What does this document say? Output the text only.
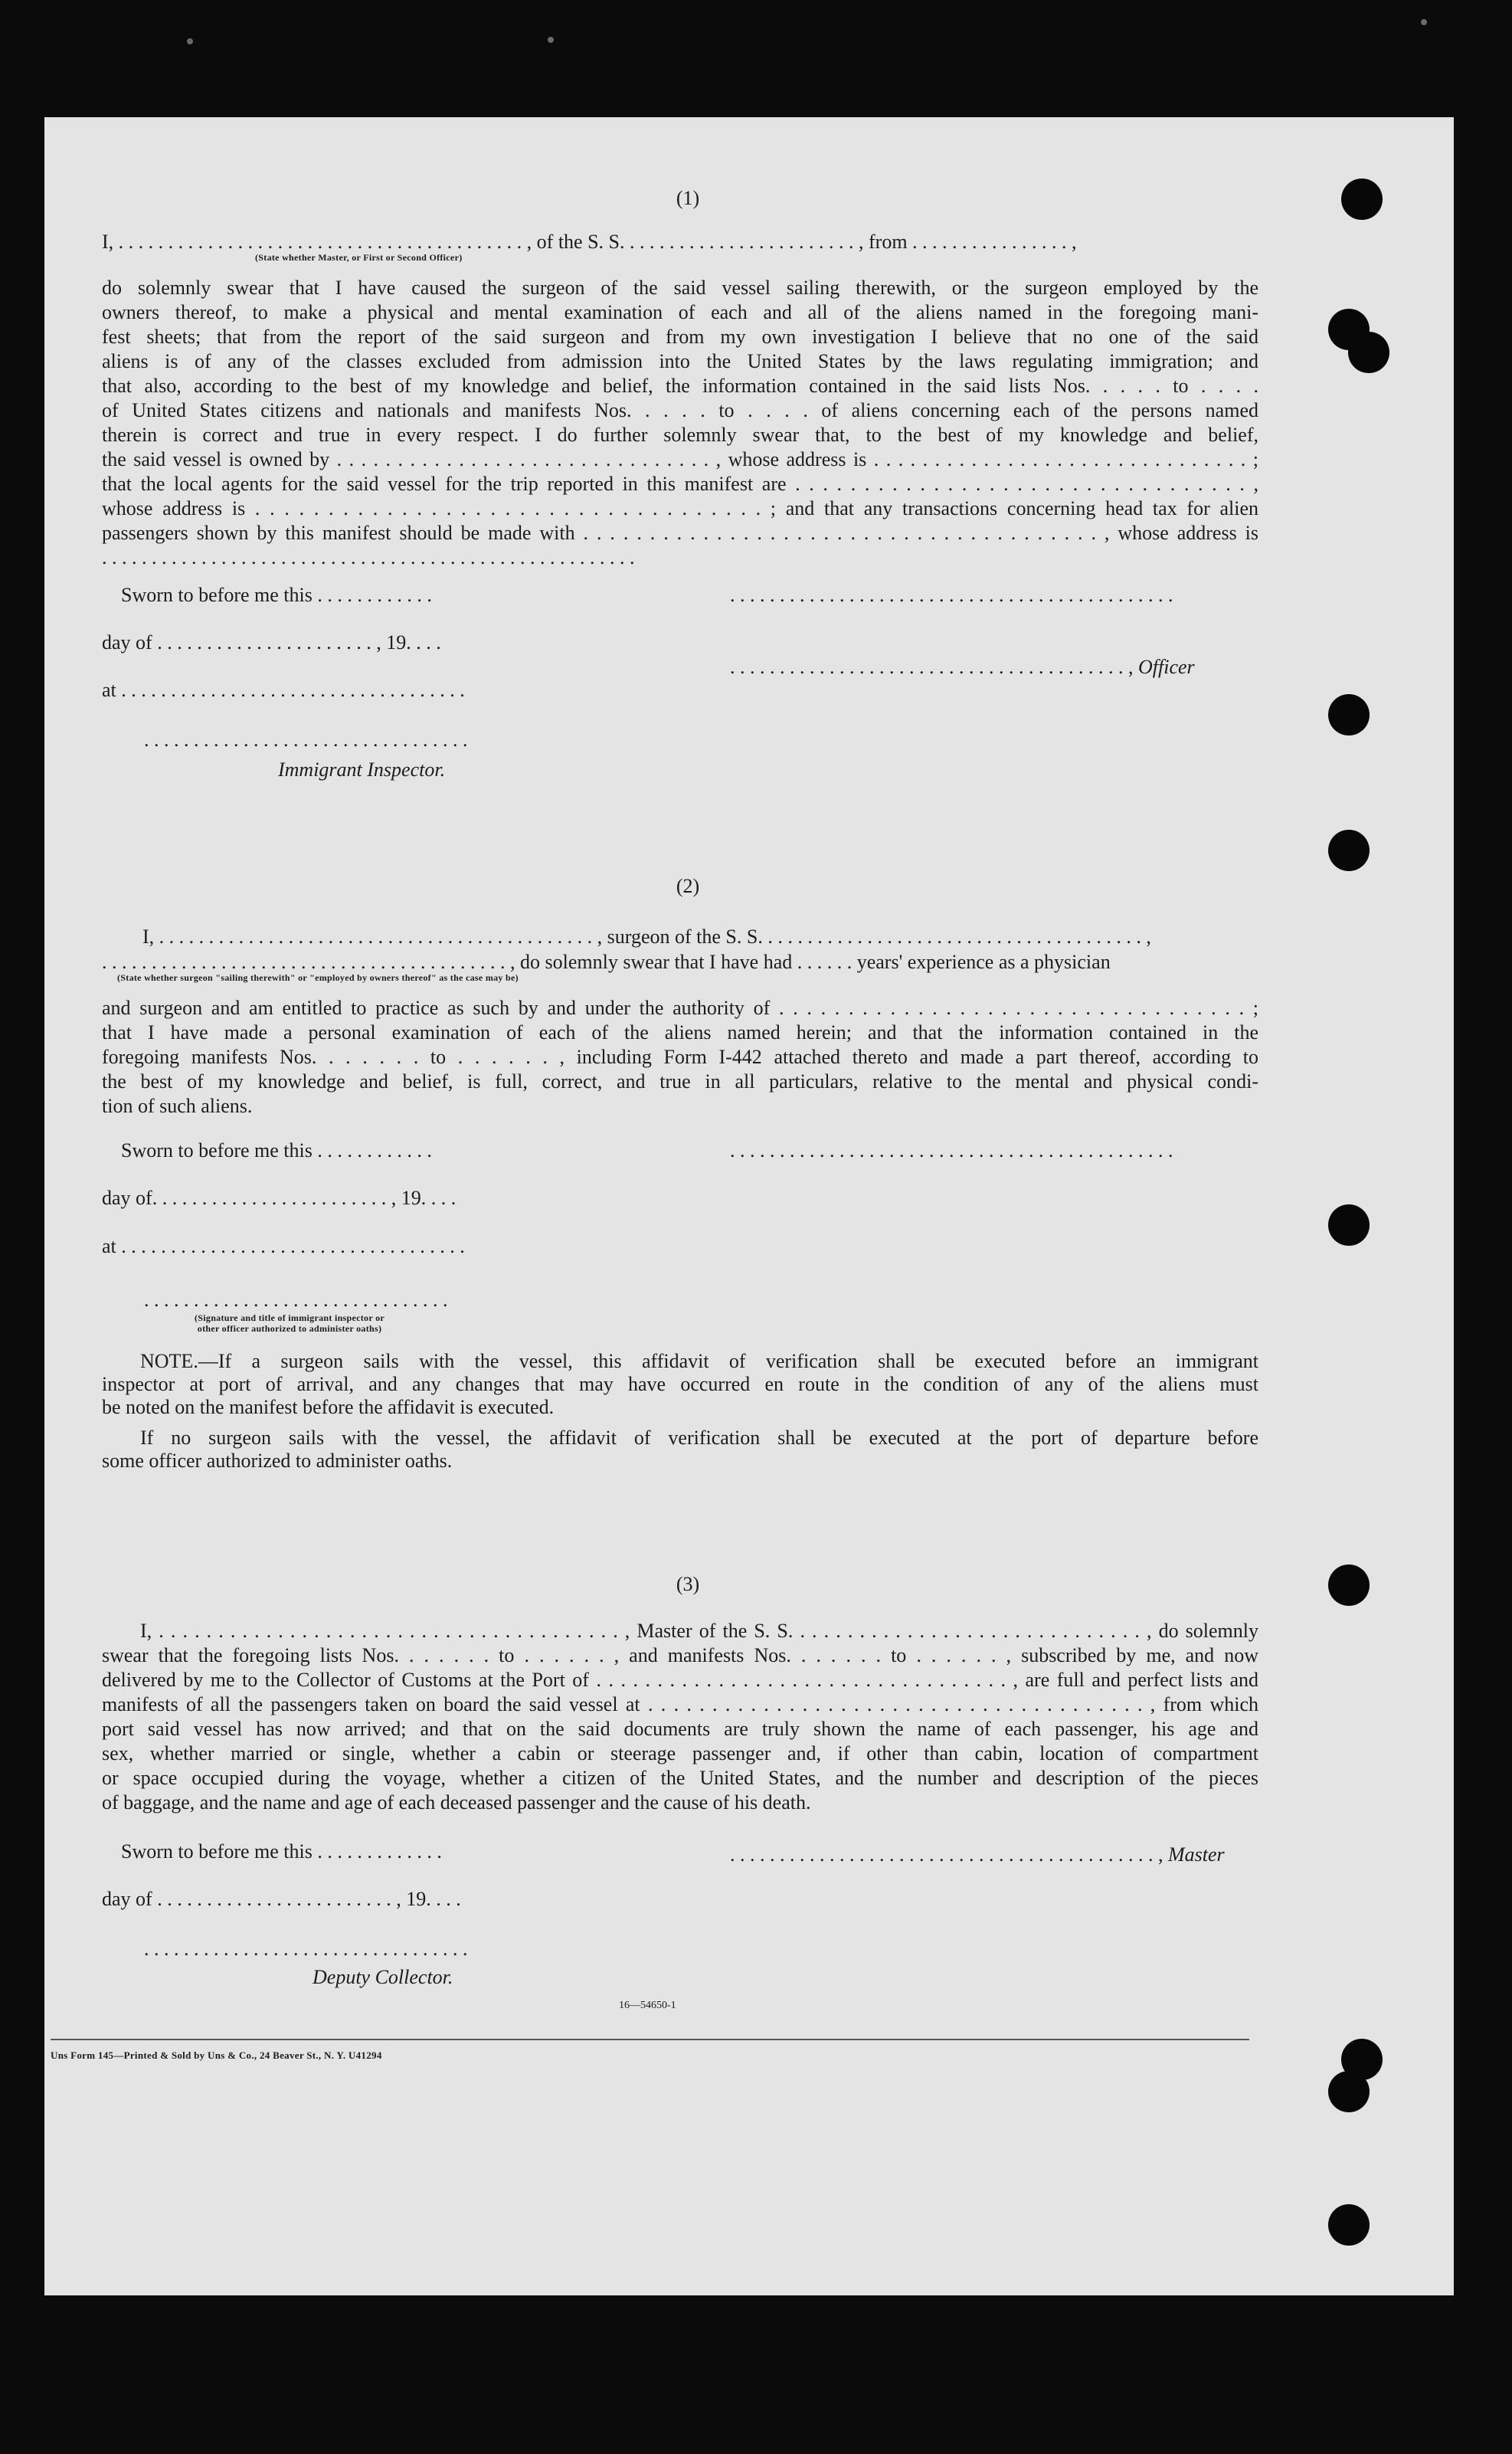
(1)
I, . . . . . . . . . . . . . . . . . . . . . . . . . . . . . . . . . . . . . . . . . , of the S. S. . . . . . . . . . . . . . . . . . . . . . . . , from . . . . . . . . . . . . . . . . ,
(State whether Master, or First or Second Officer)
do solemnly swear that I have caused the surgeon of the said vessel sailing therewith, or the surgeon employed by the
owners thereof, to make a physical and mental examination of each and all of the aliens named in the foregoing mani-
fest sheets; that from the report of the said surgeon and from my own investigation I believe that no one of the said
aliens is of any of the classes excluded from admission into the United States by the laws regulating immigration; and
that also, according to the best of my knowledge and belief, the information contained in the said lists Nos. . . . . to . . . .
of United States citizens and nationals and manifests Nos. . . . . to . . . . of aliens concerning each of the persons named
therein is correct and true in every respect. I do further solemnly swear that, to the best of my knowledge and belief,
the said vessel is owned by . . . . . . . . . . . . . . . . . . . . . . . . . . . . . . . , whose address is . . . . . . . . . . . . . . . . . . . . . . . . . . . . . . . ;
that the local agents for the said vessel for the trip reported in this manifest are . . . . . . . . . . . . . . . . . . . . . . . . . . . . . . . . . ,
whose address is . . . . . . . . . . . . . . . . . . . . . . . . . . . . . . . . . . . ; and that any transactions concerning head tax for alien
passengers shown by this manifest should be made with . . . . . . . . . . . . . . . . . . . . . . . . . . . . . . . . . . . . . . . , whose address is
. . . . . . . . . . . . . . . . . . . . . . . . . . . . . . . . . . . . . . . . . . . . . . . . . . . . . .
Sworn to before me this . . . . . . . . . . . .	. . . . . . . . . . . . . . . . . . . . . . . . . . . . . . . . . . . . . . . . . . . . .
day of . . . . . . . . . . . . . . . . . . . . . . , 19. . . .
. . . . . . . . . . . . . . . . . . . . . . . . . . . . . . . . . . . . . . . . , Officer
at . . . . . . . . . . . . . . . . . . . . . . . . . . . . . . . . . . .
. . . . . . . . . . . . . . . . . . . . . . . . . . . . . . . . .
Immigrant Inspector.
(2)
I, . . . . . . . . . . . . . . . . . . . . . . . . . . . . . . . . . . . . . . . . . . . . , surgeon of the S. S. . . . . . . . . . . . . . . . . . . . . . . . . . . . . . . . . . . . . . . ,
. . . . . . . . . . . . . . . . . . . . . . . . . . . . . . . . . . . . . . . . . , do solemnly swear that I have had . . . . . . years' experience as a physician
(State whether surgeon "sailing therewith" or "employed by owners thereof" as the case may be)
and surgeon and am entitled to practice as such by and under the authority of . . . . . . . . . . . . . . . . . . . . . . . . . . . . . . . . . . ;
that I have made a personal examination of each of the aliens named herein; and that the information contained in the
foregoing manifests Nos. . . . . . . to . . . . . . , including Form I-442 attached thereto and made a part thereof, according to
the best of my knowledge and belief, is full, correct, and true in all particulars, relative to the mental and physical condi-
tion of such aliens.
Sworn to before me this . . . . . . . . . . . .	. . . . . . . . . . . . . . . . . . . . . . . . . . . . . . . . . . . . . . . . . . . . .
day of. . . . . . . . . . . . . . . . . . . . . . . . , 19. . . .
at . . . . . . . . . . . . . . . . . . . . . . . . . . . . . . . . . . .
. . . . . . . . . . . . . . . . . . . . . . . . . . . . . . .
(Signature and title of immigrant inspector or
other officer authorized to administer oaths)
NOTE.—If a surgeon sails with the vessel, this affidavit of verification shall be executed before an immigrant
inspector at port of arrival, and any changes that may have occurred en route in the condition of any of the aliens must
be noted on the manifest before the affidavit is executed.
If no surgeon sails with the vessel, the affidavit of verification shall be executed at the port of departure before
some officer authorized to administer oaths.
(3)
I, . . . . . . . . . . . . . . . . . . . . . . . . . . . . . . . . . . . . . . . , Master of the S. S. . . . . . . . . . . . . . . . . . . . . . . . . . . . . . , do solemnly
swear that the foregoing lists Nos. . . . . . . to . . . . . . , and manifests Nos. . . . . . . to . . . . . . , subscribed by me, and now
delivered by me to the Collector of Customs at the Port of . . . . . . . . . . . . . . . . . . . . . . . . . . . . . . . . . . , are full and perfect lists and
manifests of all the passengers taken on board the said vessel at . . . . . . . . . . . . . . . . . . . . . . . . . . . . . . . . . . . . . . . , from which
port said vessel has now arrived; and that on the said documents are truly shown the name of each passenger, his age and
sex, whether married or single, whether a cabin or steerage passenger and, if other than cabin, location of compartment
or space occupied during the voyage, whether a citizen of the United States, and the number and description of the pieces
of baggage, and the name and age of each deceased passenger and the cause of his death.
Sworn to before me this . . . . . . . . . . . . .	. . . . . . . . . . . . . . . . . . . . . . . . . . . . . . . . . . . . . . . . . . . , Master
day of . . . . . . . . . . . . . . . . . . . . . . . . , 19. . . .
. . . . . . . . . . . . . . . . . . . . . . . . . . . . . . . . .
Deputy Collector.
16—54650-1
Uns Form 145—Printed & Sold by Uns & Co., 24 Beaver St., N. Y. U41294
